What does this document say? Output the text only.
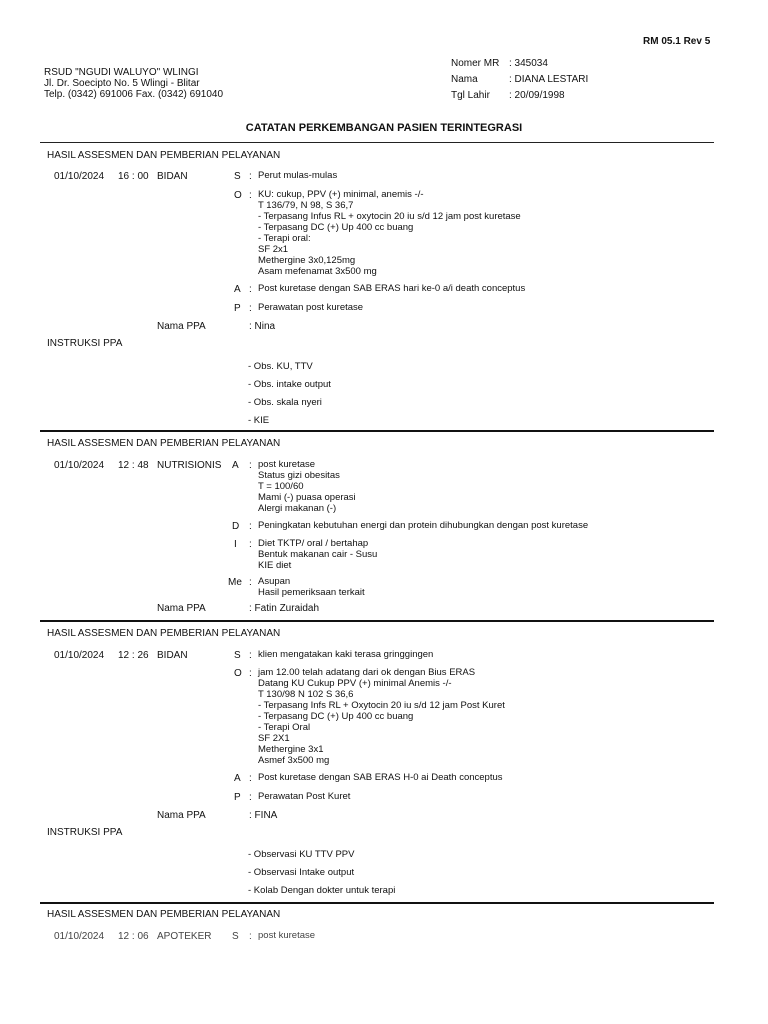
RM 05.1 Rev 5
RSUD "NGUDI WALUYO" WLINGI
Jl. Dr. Soecipto No. 5 Wlingi - Blitar
Telp. (0342) 691006 Fax. (0342) 691040
Nomer MR : 345034
Nama	: DIANA LESTARI
Tgl Lahir : 20/09/1998
CATATAN PERKEMBANGAN PASIEN TERINTEGRASI
HASIL ASSESMEN DAN PEMBERIAN PELAYANAN
01/10/2024 16 : 00 BIDAN	S : Perut mulas-mulas
O : KU: cukup, PPV (+) minimal, anemis -/-
T 136/79, N 98, S 36,7
- Terpasang Infus RL + oxytocin 20 iu s/d 12 jam post kuretase
- Terpasang DC (+) Up 400 cc buang
- Terapi oral:
SF 2x1
Methergine 3x0,125mg
Asam mefenamat 3x500 mg
A : Post kuretase dengan SAB ERAS hari ke-0 a/i death conceptus
P : Perawatan post kuretase
Nama PPA	: Nina
INSTRUKSI PPA
- Obs. KU, TTV
- Obs. intake output
- Obs. skala nyeri
- KIE
HASIL ASSESMEN DAN PEMBERIAN PELAYANAN
01/10/2024 12 : 48 NUTRISIONIS A : post kuretase
Status gizi obesitas
T = 100/60
Mami (-) puasa operasi
Alergi makanan (-)
D : Peningkatan kebutuhan energi dan protein dihubungkan dengan post kuretase
I : Diet TKTP/ oral / bertahap
Bentuk makanan cair - Susu
KIE diet
Me : Asupan
Hasil pemeriksaan terkait
Nama PPA	: Fatin Zuraidah
HASIL ASSESMEN DAN PEMBERIAN PELAYANAN
01/10/2024 12 : 26 BIDAN	S : klien mengatakan kaki terasa gringgingen
O : jam 12.00 telah adatang dari ok dengan Bius ERAS
Datang KU Cukup PPV (+) minimal Anemis -/-
T 130/98 N 102 S 36,6
- Terpasang Infs RL + Oxytocin 20 iu s/d 12 jam Post Kuret
- Terpasang DC (+) Up 400 cc buang
- Terapi Oral
SF 2X1
Methergine 3x1
Asmef 3x500 mg
A : Post kuretase dengan SAB ERAS H-0 ai Death conceptus
P : Perawatan Post Kuret
Nama PPA	: FINA
INSTRUKSI PPA
- Observasi KU TTV PPV
- Observasi Intake output
- Kolab Dengan dokter untuk terapi
HASIL ASSESMEN DAN PEMBERIAN PELAYANAN
01/10/2024 12 : 06 APOTEKER S : post kuretase
